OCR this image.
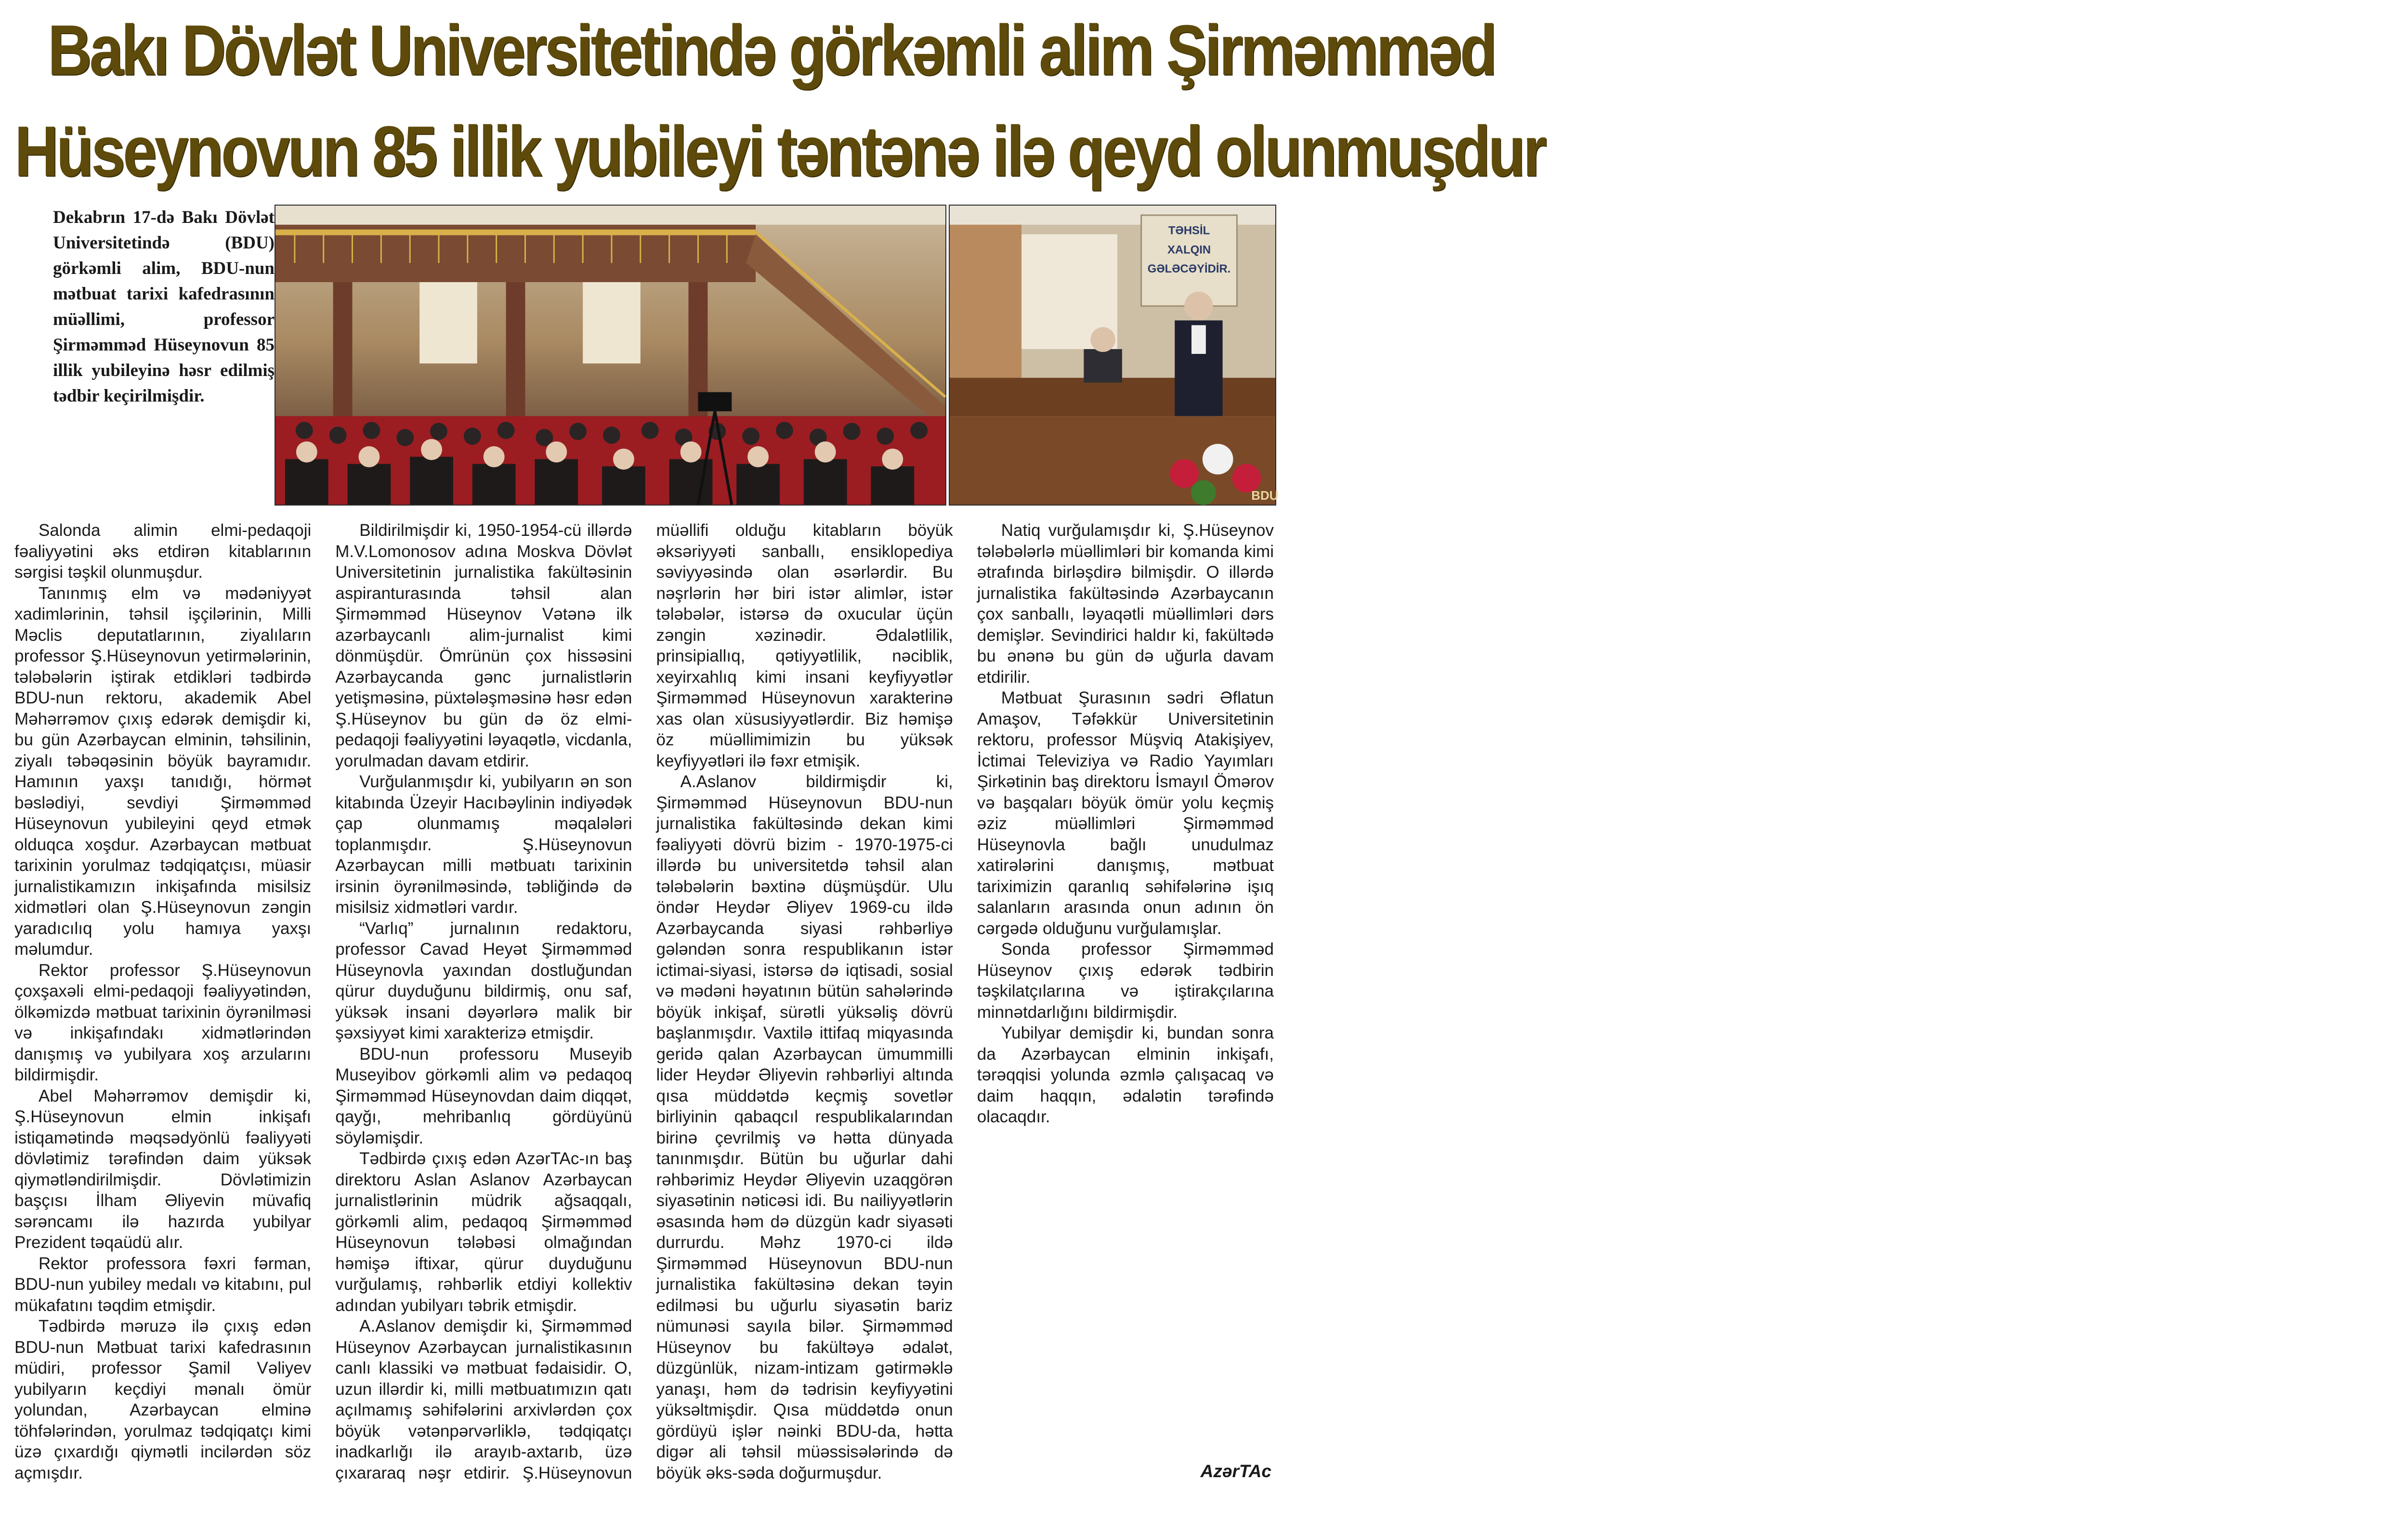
Bakı Dövlət Universitetində görkəmli alim Şirməmməd
Hüseynovun 85 illik yubileyi təntənə ilə qeyd olunmuşdur

Dekabrın 17-də Bakı Dövlət Universitetində (BDU) görkəmli alim, BDU-nun mətbuat tarixi kafedrasının müəllimi, professor Şirməmməd Hüseynovun 85 illik yubileyinə həsr edilmiş tədbir keçirilmişdir.

TƏHSİL
XALQIN
GƏLƏCƏYİDİR.
BDU

Salonda alimin elmi-pedaqoji fəaliyyətini əks etdirən kitablarının sərgisi təşkil olunmuşdur.

Tanınmış elm və mədəniyyət xadimlərinin, təhsil işçilərinin, Milli Məclis deputatlarının, ziyalıların professor Ş.Hüseynovun yetirmələrinin, tələbələrin iştirak etdikləri tədbirdə BDU-nun rektoru, akademik Abel Məhərrəmov çıxış edərək demişdir ki, bu gün Azərbaycan elminin, təhsilinin, ziyalı təbəqəsinin böyük bayramıdır. Hamının yaxşı tanıdığı, hörmət bəslədiyi, sevdiyi Şirməmməd Hüseynovun yubileyini qeyd etmək olduqca xoşdur. Azərbaycan mətbuat tarixinin yorulmaz tədqiqatçısı, müasir jurnalistikamızın inkişafında misilsiz xidmətləri olan Ş.Hüseynovun zəngin yaradıcılıq yolu hamıya yaxşı məlumdur.

Rektor professor Ş.Hüseynovun çoxşaxəli elmi-pedaqoji fəaliyyətindən, ölkəmizdə mətbuat tarixinin öyrənilməsi və inkişafındakı xidmətlərindən danışmış və yubilyara xoş arzularını bildirmişdir.

Abel Məhərrəmov demişdir ki, Ş.Hüseynovun elmin inkişafı istiqamətində məqsədyönlü fəaliyyəti dövlətimiz tərəfindən daim yüksək qiymətləndirilmişdir. Dövlətimizin başçısı İlham Əliyevin müvafiq sərəncamı ilə hazırda yubilyar Prezident təqaüdü alır.

Rektor professora fəxri fərman, BDU-nun yubiley medalı və kitabını, pul mükafatını təqdim etmişdir.

Tədbirdə məruzə ilə çıxış edən BDU-nun Mətbuat tarixi kafedrasının müdiri, professor Şamil Vəliyev yubilyarın keçdiyi mənalı ömür yolundan, Azərbaycan elminə töhfələrindən, yorulmaz tədqiqatçı kimi üzə çıxardığı qiymətli incilərdən söz açmışdır.

Bildirilmişdir ki, 1950-1954-cü illərdə M.V.Lomonosov adına Moskva Dövlət Universitetinin jurnalistika fakültəsinin aspiranturasında təhsil alan Şirməmməd Hüseynov Vətənə ilk azərbaycanlı alim-jurnalist kimi dönmüşdür. Ömrünün çox hissəsini Azərbaycanda gənc jurnalistlərin yetişməsinə, püxtələşməsinə həsr edən Ş.Hüseynov bu gün də öz elmi-pedaqoji fəaliyyətini ləyaqətlə, vicdanla, yorulmadan davam etdirir.

Vurğulanmışdır ki, yubilyarın ən son kitabında Üzeyir Hacıbəylinin indiyədək çap olunmamış məqalələri toplanmışdır. Ş.Hüseynovun Azərbaycan milli mətbuatı tarixinin irsinin öyrənilməsində, təbliğində də misilsiz xidmətləri vardır.

“Varlıq” jurnalının redaktoru, professor Cavad Heyət Şirməmməd Hüseynovla yaxından dostluğundan qürur duyduğunu bildirmiş, onu saf, yüksək insani dəyərlərə malik bir şəxsiyyət kimi xarakterizə etmişdir.

BDU-nun professoru Museyib Museyibov görkəmli alim və pedaqoq Şirməmməd Hüseynovdan daim diqqət, qayğı, mehribanlıq gördüyünü söyləmişdir.

Tədbirdə çıxış edən AzərTAc-ın baş direktoru Aslan Aslanov Azərbaycan jurnalistlərinin müdrik ağsaqqalı, görkəmli alim, pedaqoq Şirməmməd Hüseynovun tələbəsi olmağından həmişə iftixar, qürur duyduğunu vurğulamış, rəhbərlik etdiyi kollektiv adından yubilyarı təbrik etmişdir.

A.Aslanov demişdir ki, Şirməmməd Hüseynov Azərbaycan jurnalistikasının canlı klassiki və mətbuat fədaisidir. O, uzun illərdir ki, milli mətbuatımızın qatı açılmamış səhifələrini arxivlərdən çox böyük vətənpərvərliklə, tədqiqatçı inadkarlığı ilə arayıb-axtarıb, üzə çıxararaq nəşr etdirir. Ş.Hüseynovun müəllifi olduğu kitabların böyük əksəriyyəti sanballı, ensiklopediya səviyyəsində olan əsərlərdir. Bu nəşrlərin hər biri istər alimlər, istər tələbələr, istərsə də oxucular üçün zəngin xəzinədir. Ədalətlilik, prinsipiallıq, qətiyyətlilik, nəciblik, xeyirxahlıq kimi insani keyfiyyətlər Şirməmməd Hüseynovun xarakterinə xas olan xüsusiyyətlərdir. Biz həmişə öz müəllimimizin bu yüksək keyfiyyətləri ilə fəxr etmişik.

A.Aslanov bildirmişdir ki, Şirməmməd Hüseynovun BDU-nun jurnalistika fakültəsində dekan kimi fəaliyyəti dövrü bizim - 1970-1975-ci illərdə bu universitetdə təhsil alan tələbələrin bəxtinə düşmüşdür. Ulu öndər Heydər Əliyev 1969-cu ildə Azərbaycanda siyasi rəhbərliyə gələndən sonra respublikanın istər ictimai-siyasi, istərsə də iqtisadi, sosial və mədəni həyatının bütün sahələrində böyük inkişaf, sürətli yüksəliş dövrü başlanmışdır. Vaxtilə ittifaq miqyasında geridə qalan Azərbaycan ümummilli lider Heydər Əliyevin rəhbərliyi altında qısa müddətdə keçmiş sovetlər birliyinin qabaqcıl respublikalarından birinə çevrilmiş və hətta dünyada tanınmışdır. Bütün bu uğurlar dahi rəhbərimiz Heydər Əliyevin uzaqgörən siyasətinin nəticəsi idi. Bu nailiyyətlərin əsasında həm də düzgün kadr siyasəti durrurdu. Məhz 1970-ci ildə Şirməmməd Hüseynovun BDU-nun jurnalistika fakültəsinə dekan təyin edilməsi bu uğurlu siyasətin bariz nümunəsi sayıla bilər. Şirməmməd Hüseynov bu fakültəyə ədalət, düzgünlük, nizam-intizam gətirməklə yanaşı, həm də tədrisin keyfiyyətini yüksəltmişdir. Qısa müddətdə onun gördüyü işlər nəinki BDU-da, hətta digər ali təhsil müəssisələrində də böyük əks-səda doğurmuşdur.

Natiq vurğulamışdır ki, Ş.Hüseynov tələbələrlə müəllimləri bir komanda kimi ətrafında birləşdirə bilmişdir. O illərdə jurnalistika fakültəsində Azərbaycanın çox sanballı, ləyaqətli müəllimləri dərs demişlər. Sevindirici haldır ki, fakültədə bu ənənə bu gün də uğurla davam etdirilir.

Mətbuat Şurasının sədri Əflatun Amaşov, Təfəkkür Universitetinin rektoru, professor Müşviq Atakişiyev, İctimai Televiziya və Radio Yayımları Şirkətinin baş direktoru İsmayıl Ömərov və başqaları böyük ömür yolu keçmiş əziz müəllimləri Şirməmməd Hüseynovla bağlı unudulmaz xatirələrini danışmış, mətbuat tariximizin qaranlıq səhifələrinə işıq salanların arasında onun adının ön cərgədə olduğunu vurğulamışlar.

Sonda professor Şirməmməd Hüseynov çıxış edərək tədbirin təşkilatçılarına və iştirakçılarına minnətdarlığını bildirmişdir.

Yubilyar demişdir ki, bundan sonra da Azərbaycan elminin inkişafı, tərəqqisi yolunda əzmlə çalışacaq və daim haqqın, ədalətin tərəfində olacaqdır.

AzərTAc
